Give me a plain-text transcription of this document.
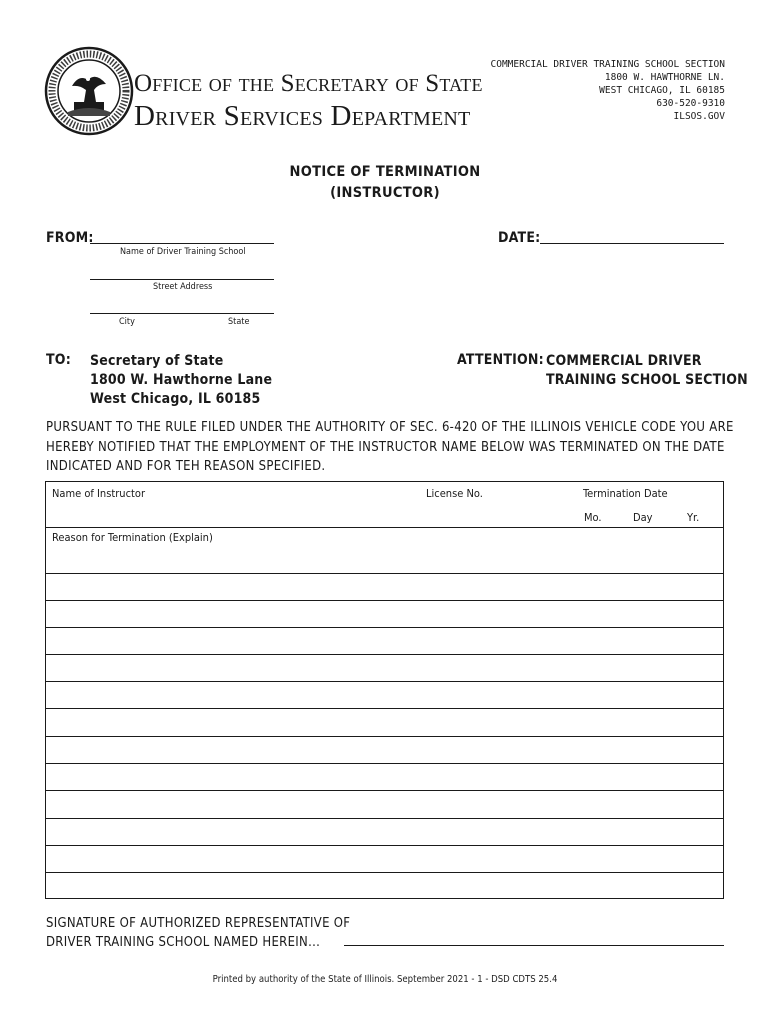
Office of the Secretary of State
Driver Services Department
COMMERCIAL DRIVER TRAINING SCHOOL SECTION
1800 W. HAWTHORNE LN.
WEST CHICAGO, IL 60185
630-520-9310
ILSOS.GOV
NOTICE OF TERMINATION
(INSTRUCTOR)
FROM:
Name of Driver Training School
Street Address
City	State
DATE:
TO: Secretary of State
1800 W. Hawthorne Lane
West Chicago, IL 60185
ATTENTION: COMMERCIAL DRIVER
TRAINING SCHOOL SECTION
PURSUANT TO THE RULE FILED UNDER THE AUTHORITY OF SEC. 6-420 OF THE ILLINOIS VEHICLE CODE YOU ARE HEREBY NOTIFIED THAT THE EMPLOYMENT OF THE INSTRUCTOR NAME BELOW WAS TERMINATED ON THE DATE INDICATED AND FOR TEH REASON SPECIFIED.
Name of Instructor	License No.	Termination Date
Mo.	Day	Yr.
Reason for Termination (Explain)
SIGNATURE OF AUTHORIZED REPRESENTATIVE OF
DRIVER TRAINING SCHOOL NAMED HEREIN...
Printed by authority of the State of Illinois. September 2021 - 1 - DSD CDTS 25.4
